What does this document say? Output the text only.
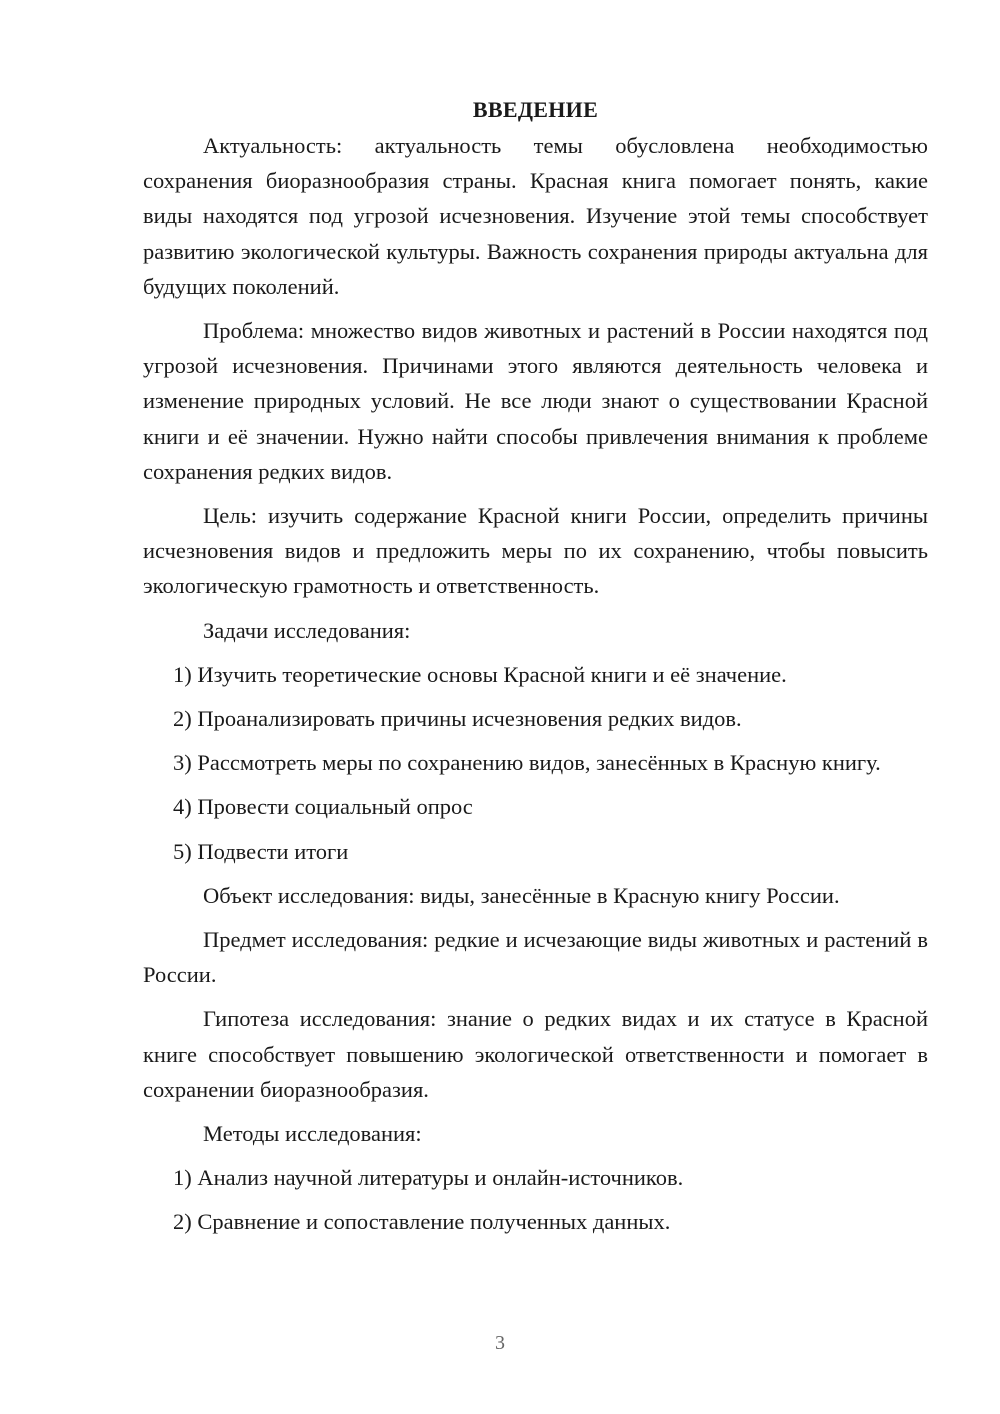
ВВЕДЕНИЕ

Актуальность: актуальность темы обусловлена необходимостью сохранения биоразнообразия страны. Красная книга помогает понять, какие виды находятся под угрозой исчезновения. Изучение этой темы способствует развитию экологической культуры. Важность сохранения природы актуальна для будущих поколений.

Проблема: множество видов животных и растений в России находятся под угрозой исчезновения. Причинами этого являются деятельность человека и изменение природных условий. Не все люди знают о существовании Красной книги и её значении. Нужно найти способы привлечения внимания к проблеме сохранения редких видов.

Цель: изучить содержание Красной книги России, определить причины исчезновения видов и предложить меры по их сохранению, чтобы повысить экологическую грамотность и ответственность.

Задачи исследования:

1) Изучить теоретические основы Красной книги и её значение.

2) Проанализировать причины исчезновения редких видов.

3) Рассмотреть меры по сохранению видов, занесённых в Красную книгу.

4) Провести социальный опрос

5) Подвести итоги

Объект исследования: виды, занесённые в Красную книгу России.

Предмет исследования: редкие и исчезающие виды животных и растений в России.

Гипотеза исследования: знание о редких видах и их статусе в Красной книге способствует повышению экологической ответственности и помогает в сохранении биоразнообразия.

Методы исследования:

1) Анализ научной литературы и онлайн-источников.

2) Сравнение и сопоставление полученных данных.

3
